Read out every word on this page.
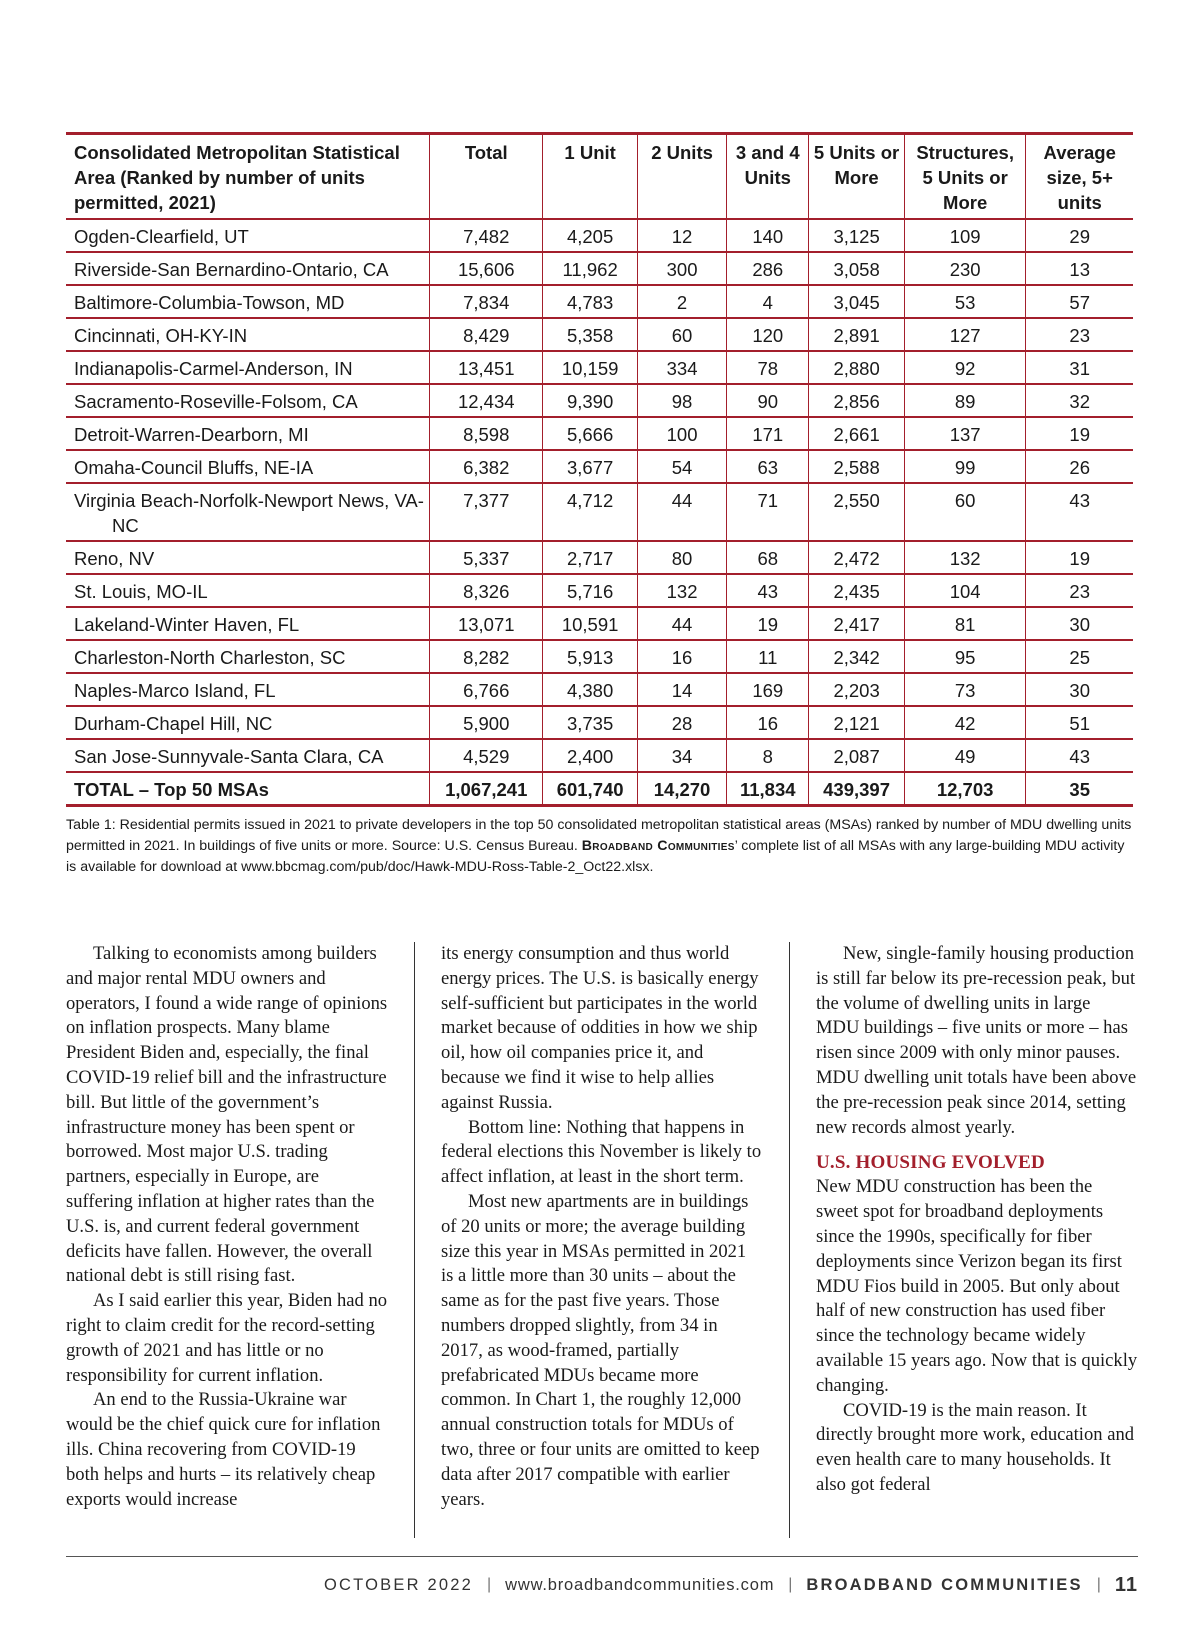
Consolidated Metropolitan Statistical Area (Ranked by number of units permitted, 2021)	Total	1 Unit	2 Units	3 and 4 Units	5 Units or More	Structures, 5 Units or More	Average size, 5+ units
Ogden-Clearfield, UT	7,482	4,205	12	140	3,125	109	29
Riverside-San Bernardino-Ontario, CA	15,606	11,962	300	286	3,058	230	13
Baltimore-Columbia-Towson, MD	7,834	4,783	2	4	3,045	53	57
Cincinnati, OH-KY-IN	8,429	5,358	60	120	2,891	127	23
Indianapolis-Carmel-Anderson, IN	13,451	10,159	334	78	2,880	92	31
Sacramento-Roseville-Folsom, CA	12,434	9,390	98	90	2,856	89	32
Detroit-Warren-Dearborn, MI	8,598	5,666	100	171	2,661	137	19
Omaha-Council Bluffs, NE-IA	6,382	3,677	54	63	2,588	99	26

Virginia Beach-Norfolk-Newport News, VA-NC	7,377	4,712	44	71	2,550	60	43
Reno, NV	5,337	2,717	80	68	2,472	132	19
St. Louis, MO-IL	8,326	5,716	132	43	2,435	104	23
Lakeland-Winter Haven, FL	13,071	10,591	44	19	2,417	81	30
Charleston-North Charleston, SC	8,282	5,913	16	11	2,342	95	25
Naples-Marco Island, FL	6,766	4,380	14	169	2,203	73	30
Durham-Chapel Hill, NC	5,900	3,735	28	16	2,121	42	51
San Jose-Sunnyvale-Santa Clara, CA	4,529	2,400	34	8	2,087	49	43
TOTAL – Top 50 MSAs	1,067,241	601,740	14,270	11,834	439,397	12,703	35
Table 1: Residential permits issued in 2021 to private developers in the top 50 consolidated metropolitan statistical areas (MSAs) ranked by number of MDU dwelling units permitted in 2021. In buildings of five units or more. Source: U.S. Census Bureau. Broadband Communities’ complete list of all MSAs with any large-building MDU activity is available for download at www.bbcmag.com/pub/doc/Hawk-MDU-Ross-Table-2_Oct22.xlsx.

Talking to economists among builders and major rental MDU owners and operators, I found a wide range of opinions on inflation prospects. Many blame President Biden and, especially, the final COVID-19 relief bill and the infrastructure bill. But little of the government’s infrastructure money has been spent or borrowed. Most major U.S. trading partners, especially in Europe, are suffering inflation at higher rates than the U.S. is, and current federal government deficits have fallen. However, the overall national debt is still rising fast.

As I said earlier this year, Biden had no right to claim credit for the record-setting growth of 2021 and has little or no responsibility for current inflation.

An end to the Russia-Ukraine war would be the chief quick cure for inflation ills. China recovering from COVID-19 both helps and hurts – its relatively cheap exports would increase

its energy consumption and thus world energy prices. The U.S. is basically energy self-sufficient but participates in the world market because of oddities in how we ship oil, how oil companies price it, and because we find it wise to help allies against Russia.

Bottom line: Nothing that happens in federal elections this November is likely to affect inflation, at least in the short term.

Most new apartments are in buildings of 20 units or more; the average building size this year in MSAs permitted in 2021 is a little more than 30 units – about the same as for the past five years. Those numbers dropped slightly, from 34 in 2017, as wood-framed, partially prefabricated MDUs became more common. In Chart 1, the roughly 12,000 annual construction totals for MDUs of two, three or four units are omitted to keep data after 2017 compatible with earlier years.

New, single-family housing production is still far below its pre-recession peak, but the volume of dwelling units in large MDU buildings – five units or more – has risen since 2009 with only minor pauses. MDU dwelling unit totals have been above the pre-recession peak since 2014, setting new records almost yearly.

U.S. HOUSING EVOLVED

New MDU construction has been the sweet spot for broadband deployments since the 1990s, specifically for fiber deployments since Verizon began its first MDU Fios build in 2005. But only about half of new construction has used fiber since the technology became widely available 15 years ago. Now that is quickly changing.

COVID-19 is the main reason. It directly brought more work, education and even health care to many households. It also got federal

OCTOBER 2022 | www.broadbandcommunities.com | BROADBAND COMMUNITIES | 11
